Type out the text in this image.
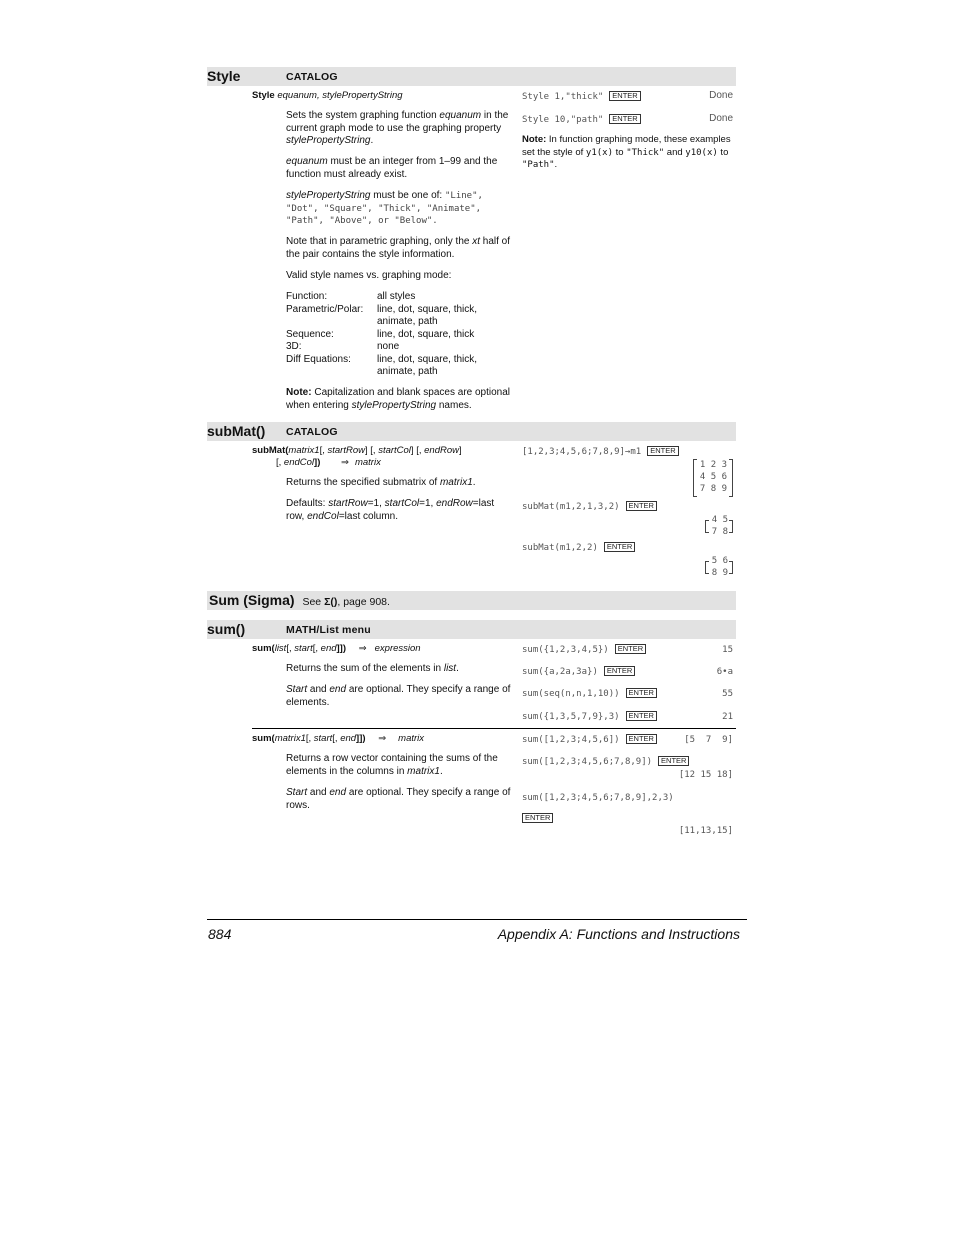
Style	CATALOG
Style equanum, stylePropertyString
Sets the system graphing function equanum in the current graph mode to use the graphing property stylePropertyString.
equanum must be an integer from 1–99 and the function must already exist.
stylePropertyString must be one of: "Line", "Dot", "Square", "Thick", "Animate", "Path", "Above", or "Below".
Note that in parametric graphing, only the xt half of the pair contains the style information.
Valid style names vs. graphing mode:
Function:	all styles
Parametric/Polar: line, dot, square, thick,
animate, path
Sequence:	line, dot, square, thick
3D:	none
Diff Equations:	line, dot, square, thick,
animate, path
Note: Capitalization and blank spaces are optional when entering stylePropertyString names.
Style 1,"thick" ENTER	Done
Style 10,"path" ENTER	Done
Note: In function graphing mode, these examples set the style of y1(x) to "Thick" and y10(x) to "Path".
subMat() CATALOG
subMat(matrix1[, startRow] [, startCol] [, endRow]
[, endCol]) ⇒ matrix
Returns the specified submatrix of matrix1.
Defaults: startRow=1, startCol=1, endRow=last row, endCol=last column.
[1,2,3;4,5,6;7,8,9]→m1 ENTER
1 2 3
4 5 6
7 8 9
subMat(m1,2,1,3,2) ENTER
4 5
7 8
subMat(m1,2,2) ENTER
5 6
8 9
Sum (Sigma) See Σ(), page 908.
sum()	MATH/List menu
sum(list[, start[, end]]) ⇒ expression
Returns the sum of the elements in list.
Start and end are optional. They specify a range of elements.
sum({1,2,3,4,5}) ENTER	15
sum({a,2a,3a}) ENTER	6•a
sum(seq(n,n,1,10)) ENTER	55
sum({1,3,5,7,9},3) ENTER	21
sum(matrix1[, start[, end]]) ⇒ matrix
Returns a row vector containing the sums of the elements in the columns in matrix1.
Start and end are optional. They specify a range of rows.
sum([1,2,3;4,5,6]) ENTER	[5  7  9]
sum([1,2,3;4,5,6;7,8,9]) ENTER
[12 15 18]
sum([1,2,3;4,5,6;7,8,9],2,3)
ENTER
[11,13,15]
884	Appendix A: Functions and Instructions
